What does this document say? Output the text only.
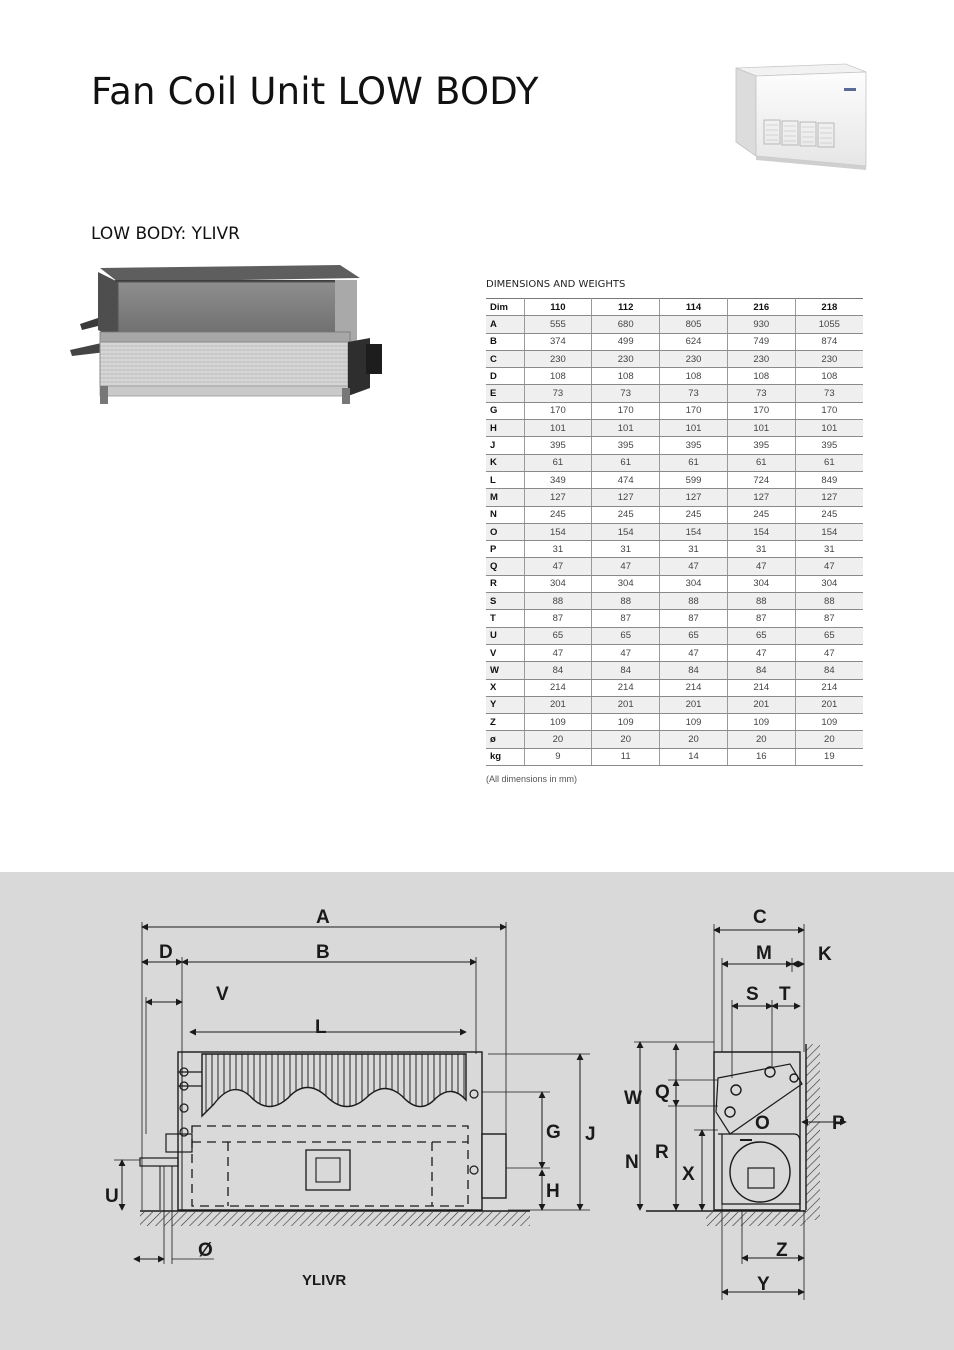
Fan Coil Unit LOW BODY
LOW BODY: YLIVR

DIMENSIONS AND WEIGHTS

Dim	110	112	114	216	218
A	555	680	805	930	1055
B	374	499	624	749	874
C	230	230	230	230	230
D	108	108	108	108	108
E	73	73	73	73	73
G	170	170	170	170	170
H	101	101	101	101	101
J	395	395	395	395	395
K	61	61	61	61	61
L	349	474	599	724	849
M	127	127	127	127	127
N	245	245	245	245	245
O	154	154	154	154	154
P	31	31	31	31	31
Q	47	47	47	47	47
R	304	304	304	304	304
S	88	88	88	88	88
T	87	87	87	87	87
U	65	65	65	65	65
V	47	47	47	47	47
W	84	84	84	84	84
X	214	214	214	214	214
Y	201	201	201	201	201
Z	109	109	109	109	109
ø	20	20	20	20	20
kg	9	11	14	16	19

(All dimensions in mm)

A
B
D
V
L
G J
H
U
Ø
YLIVR
C
M K
S T
Q
W
O	P
R
N
X
Z
Y
